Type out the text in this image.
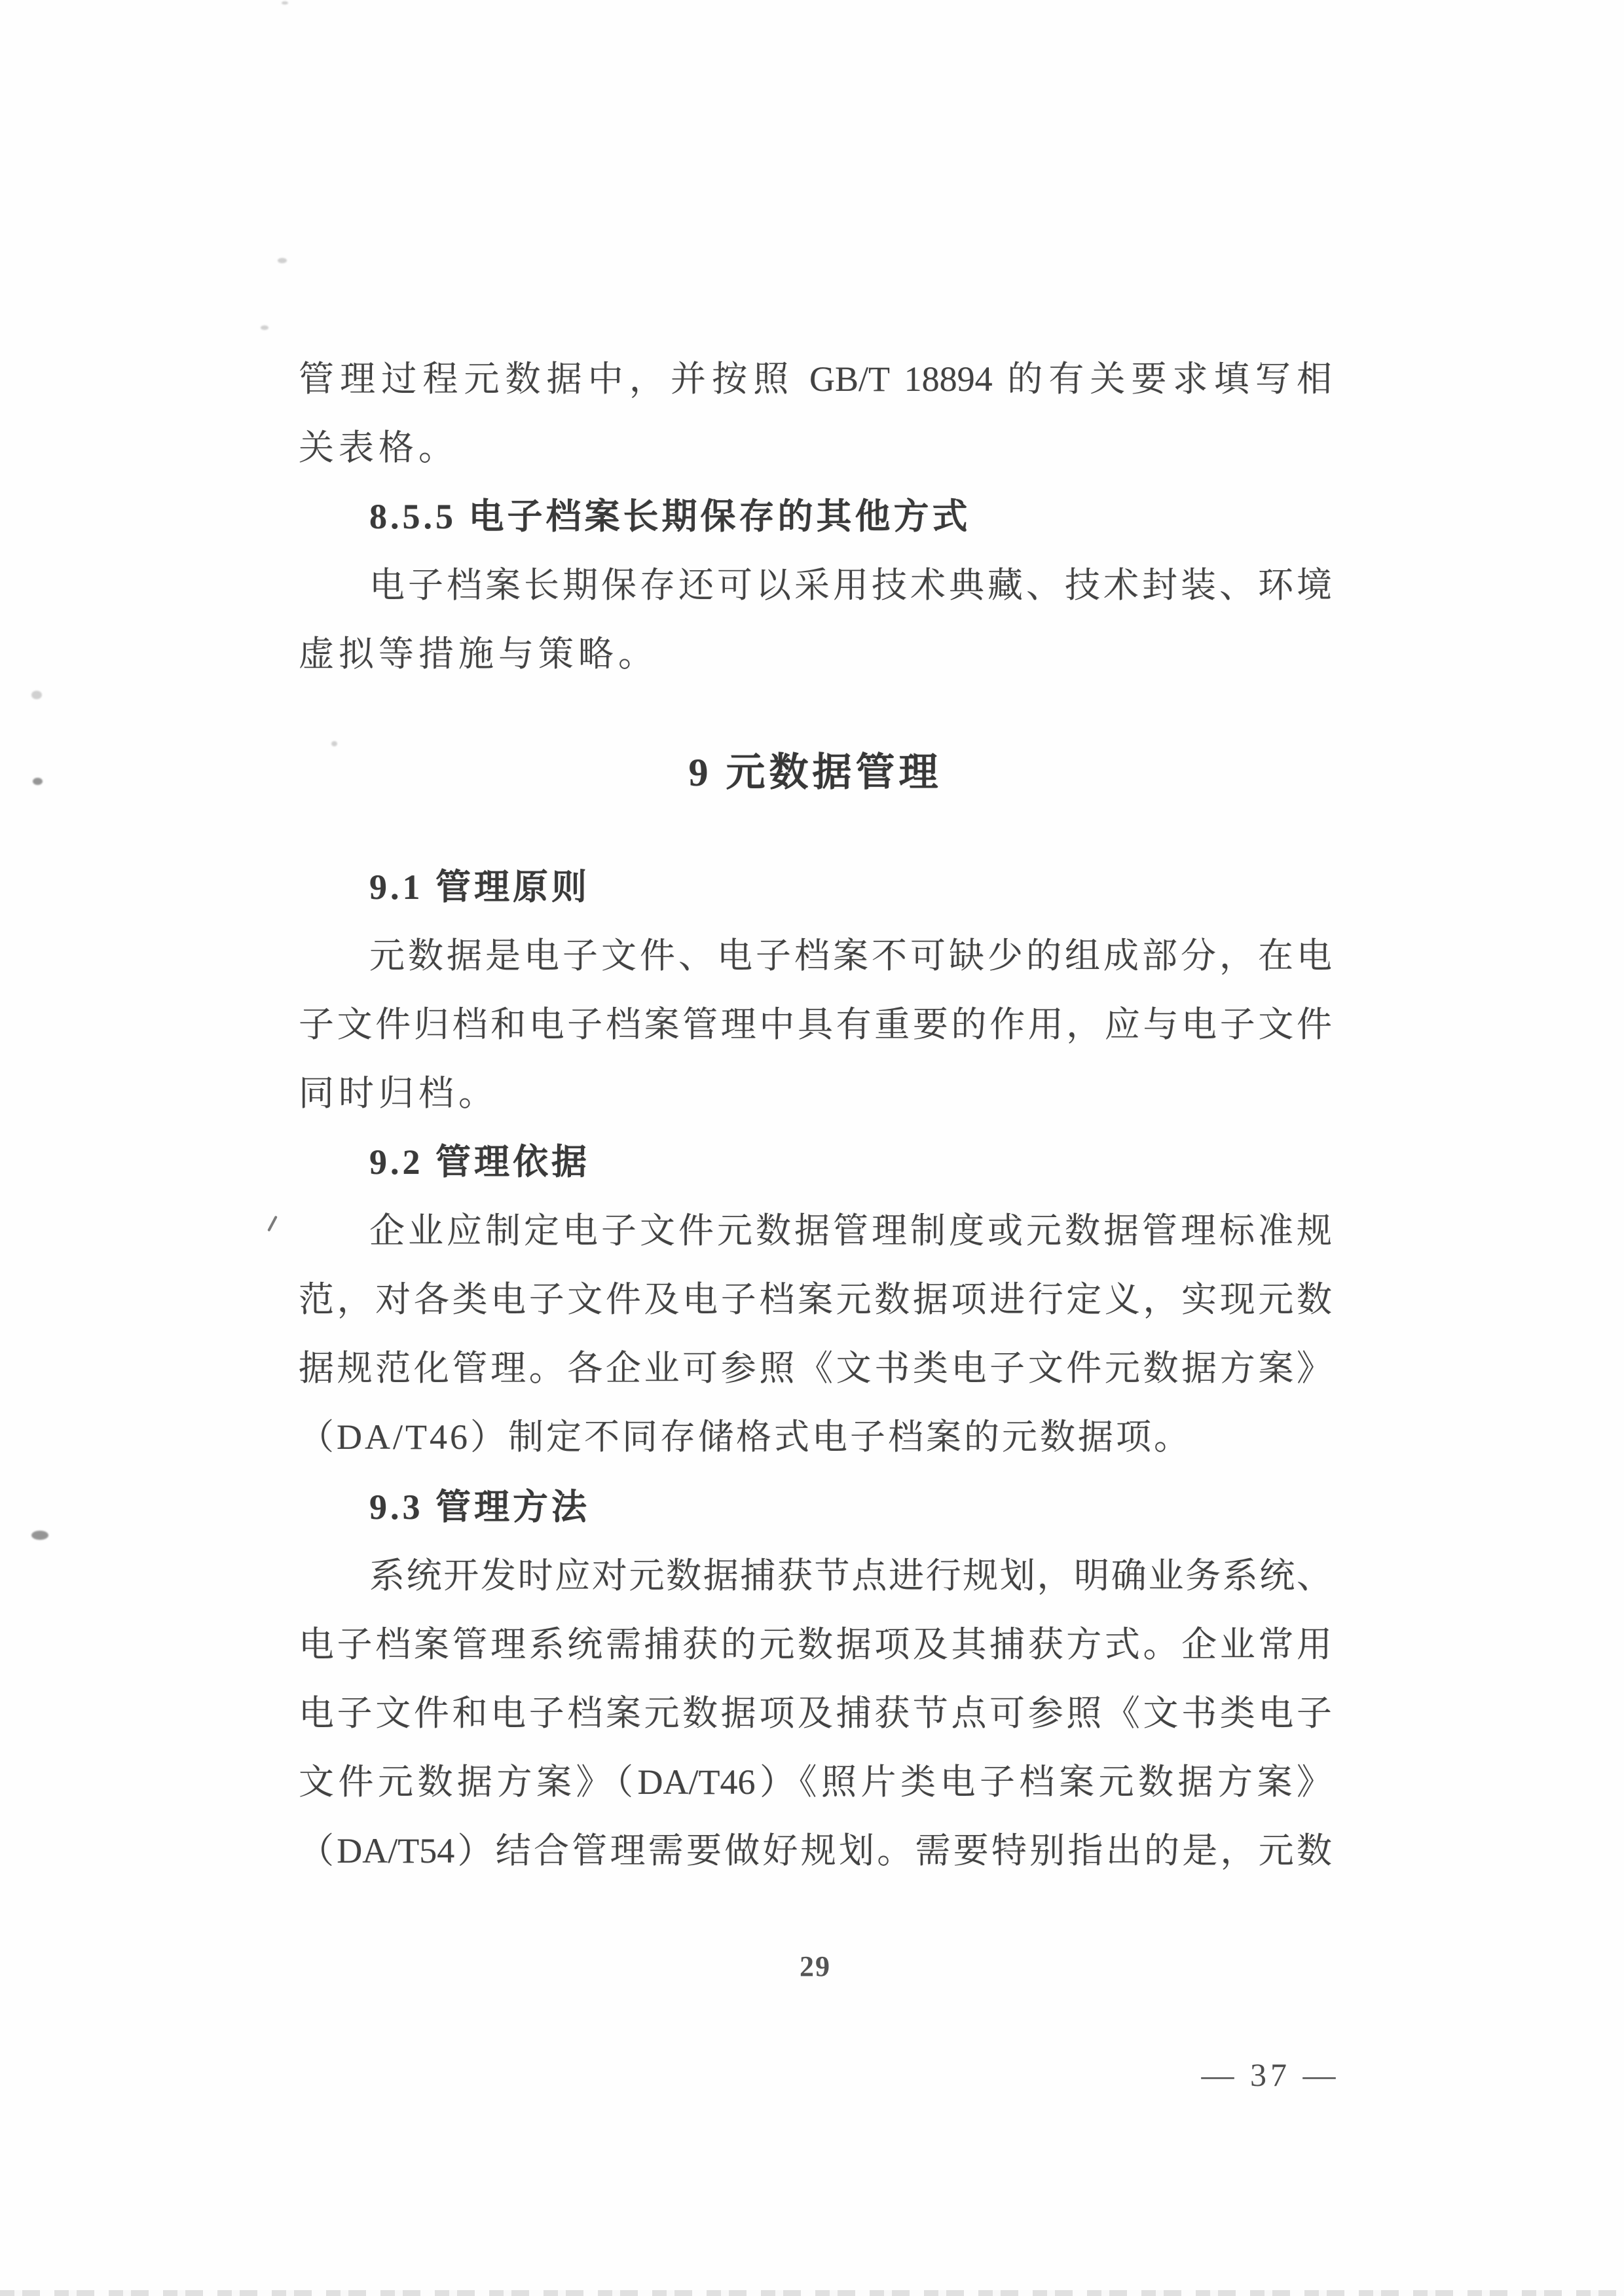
管理过程元数据中，并按照 GB/T 18894 的有关要求填写相
关表格。
8.5.5 电子档案长期保存的其他方式
电子档案长期保存还可以采用技术典藏、技术封装、环境
虚拟等措施与策略。
9 元数据管理
9.1 管理原则
元数据是电子文件、电子档案不可缺少的组成部分，在电
子文件归档和电子档案管理中具有重要的作用，应与电子文件
同时归档。
9.2 管理依据
企业应制定电子文件元数据管理制度或元数据管理标准规
范，对各类电子文件及电子档案元数据项进行定义，实现元数
据规范化管理。各企业可参照《文书类电子文件元数据方案》
（DA/T46）制定不同存储格式电子档案的元数据项。
9.3 管理方法
系统开发时应对元数据捕获节点进行规划，明确业务系统、
电子档案管理系统需捕获的元数据项及其捕获方式。企业常用
电子文件和电子档案元数据项及捕获节点可参照《文书类电子
文件元数据方案》（DA/T46）《照片类电子档案元数据方案》
（DA/T54）结合管理需要做好规划。需要特别指出的是，元数
29
— 37 —
